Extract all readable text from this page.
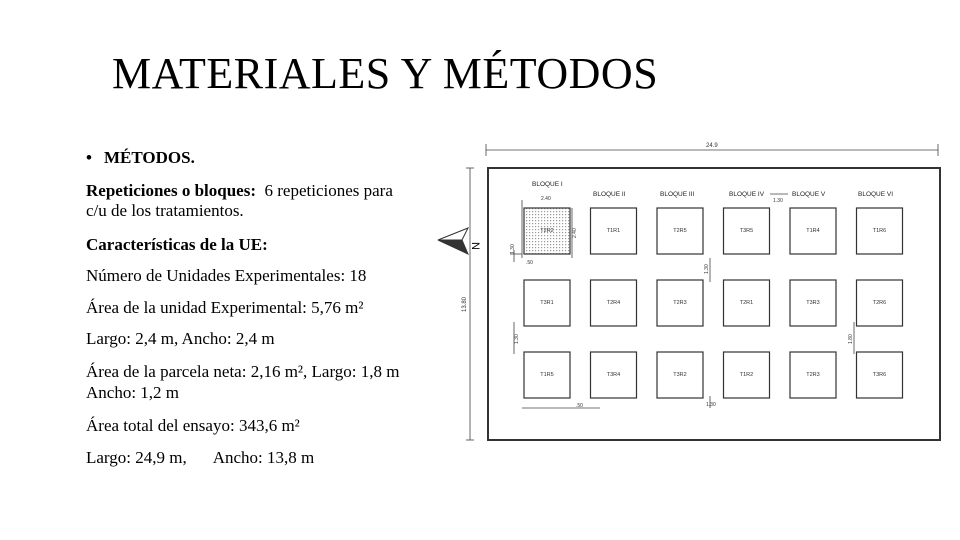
MATERIALES Y MÉTODOS
• MÉTODOS.
Repeticiones o bloques: 6 repeticiones para
c/u de los tratamientos.
Características de la UE:
Número de Unidades Experimentales: 18
Área de la unidad Experimental: 5,76 m²
Largo: 2,4 m, Ancho: 2,4 m
Área de la parcela neta: 2,16 m², Largo: 1,8 m
Ancho: 1,2 m
Área total del ensayo: 343,6 m²
Largo: 24,9 m, Ancho: 13,8 m
N
24.9
13.80
2.40
2.40
1.30
1.30
1.30	1.80
1.30
.50
.50	1.30
BLOQUE I
BLOQUE II	BLOQUE III	BLOQUE IV	BLOQUE V	BLOQUE VI
T2R2	T1R1	T2R5	T3R5	T1R4	T1R6
T3R1	T2R4	T2R3	T2R1	T3R3	T2R6
T1R5	T3R4	T3R2	T1R2	T2R3	T3R6
